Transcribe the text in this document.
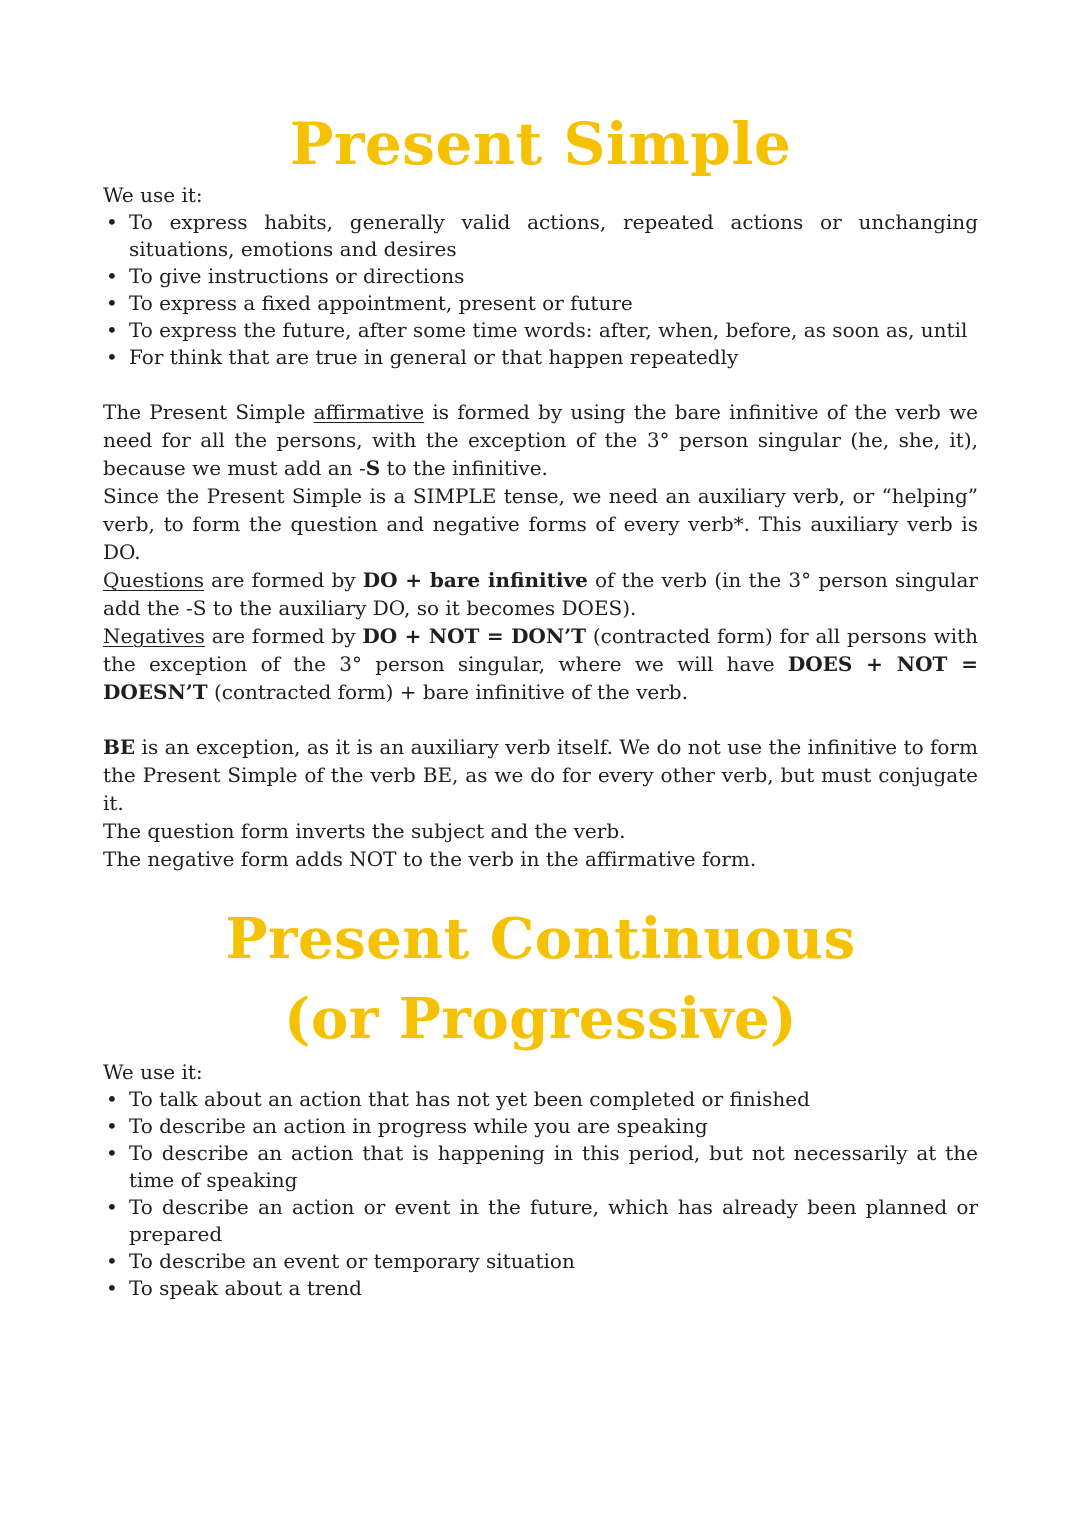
Present Simple

We use it:

• To express habits, generally valid actions, repeated actions or unchanging situations, emotions and desires
• To give instructions or directions
• To express a fixed appointment, present or future
• To express the future, after some time words: after, when, before, as soon as, until
• For think that are true in general or that happen repeatedly

The Present Simple affirmative is formed by using the bare infinitive of the verb we need for all the persons, with the exception of the 3° person singular (he, she, it), because we must add an -S to the infinitive.

Since the Present Simple is a SIMPLE tense, we need an auxiliary verb, or “helping” verb, to form the question and negative forms of every verb*. This auxiliary verb is DO.

Questions are formed by DO + bare infinitive of the verb (in the 3° person singular add the -S to the auxiliary DO, so it becomes DOES).

Negatives are formed by DO + NOT = DON’T (contracted form) for all persons with the exception of the 3° person singular, where we will have DOES + NOT = DOESN’T (contracted form) + bare infinitive of the verb.

BE is an exception, as it is an auxiliary verb itself. We do not use the infinitive to form the Present Simple of the verb BE, as we do for every other verb, but must conjugate it.

The question form inverts the subject and the verb.

The negative form adds NOT to the verb in the affirmative form.

Present Continuous
(or Progressive)

We use it:

• To talk about an action that has not yet been completed or finished
• To describe an action in progress while you are speaking
• To describe an action that is happening in this period, but not necessarily at the time of speaking
• To describe an action or event in the future, which has already been planned or prepared
• To describe an event or temporary situation
• To speak about a trend
